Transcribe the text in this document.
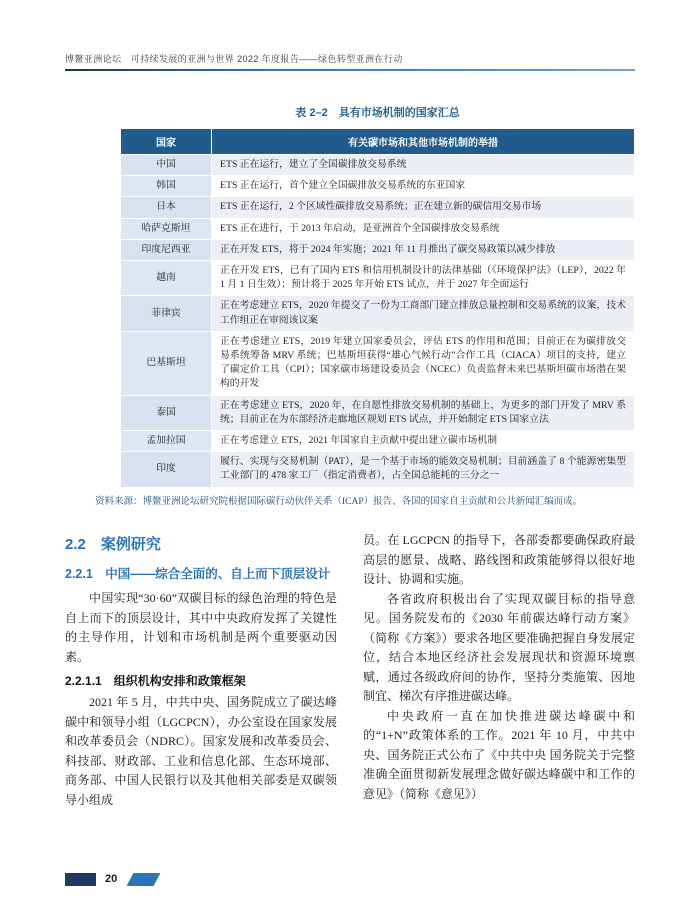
博鳌亚洲论坛　可持续发展的亚洲与世界 2022 年度报告——绿色转型亚洲在行动
表 2–2　具有市场机制的国家汇总
国家	有关碳市场和其他市场机制的举措
中国	ETS 正在运行，建立了全国碳排放交易系统
韩国	ETS 正在运行，首个建立全国碳排放交易系统的东亚国家
日本	ETS 正在运行，2 个区域性碳排放交易系统；正在建立新的碳信用交易市场
哈萨克斯坦	ETS 正在进行，于 2013 年启动，是亚洲首个全国碳排放交易系统
印度尼西亚	正在开发 ETS，将于 2024 年实施；2021 年 11 月推出了碳交易政策以减少排放
越南	正在开发 ETS，已有了国内 ETS 和信用机制设计的法律基础（《环境保护法》（LEP），2022 年 1 月 1 日生效）；预计将于 2025 年开始 ETS 试点，并于 2027 年全面运行
菲律宾	正在考虑建立 ETS，2020 年提交了一份为工商部门建立排放总量控制和交易系统的议案，技术工作组正在审阅该议案
巴基斯坦	正在考虑建立 ETS，2019 年建立国家委员会，评估 ETS 的作用和范围；目前正在为碳排放交易系统筹备 MRV 系统；巴基斯坦获得“雄心气候行动”合作工具（CIACA）项目的支持，建立了碳定价工具（CPI）；国家碳市场建设委员会（NCEC）负责监督未来巴基斯坦碳市场潜在架构的开发
泰国	正在考虑建立 ETS，2020 年，在自愿性排放交易机制的基础上，为更多的部门开发了 MRV 系统；目前正在为东部经济走廊地区规划 ETS 试点，并开始制定 ETS 国家立法
孟加拉国	正在考虑建立 ETS，2021 年国家自主贡献中提出建立碳市场机制
印度	履行、实现与交易机制（PAT），是一个基于市场的能效交易机制；目前涵盖了 8 个能源密集型工业部门的 478 家工厂（指定消费者），占全国总能耗的三分之一

资料来源：博鳌亚洲论坛研究院根据国际碳行动伙伴关系（ICAP）报告、各国的国家自主贡献和公共新闻汇编而成。

2.2　案例研究
2.2.1　中国——综合全面的、自上而下顶层设计

中国实现“30·60”双碳目标的绿色治理的特色是自上而下的顶层设计，其中中央政府发挥了关键性的主导作用，计划和市场机制是两个重要驱动因素。

2.2.1.1　组织机构安排和政策框架

2021 年 5 月，中共中央、国务院成立了碳达峰碳中和领导小组（LGCPCN），办公室设在国家发展和改革委员会（NDRC）。国家发展和改革委员会、科技部、财政部、工业和信息化部、生态环境部、商务部、中国人民银行以及其他相关部委是双碳领导小组成

员。在 LGCPCN 的指导下，各部委都要确保政府最高层的愿景、战略、路线图和政策能够得以很好地设计、协调和实施。

各省政府积极出台了实现双碳目标的指导意见。国务院发布的《2030 年前碳达峰行动方案》（简称《方案》）要求各地区要准确把握自身发展定位，结合本地区经济社会发展现状和资源环境禀赋，通过各级政府间的协作，坚持分类施策、因地制宜、梯次有序推进碳达峰。

中央政府一直在加快推进碳达峰碳中和的“1+N”政策体系的工作。2021 年 10 月，中共中央、国务院正式公布了《中共中央 国务院关于完整准确全面贯彻新发展理念做好碳达峰碳中和工作的意见》（简称《意见》）

20
